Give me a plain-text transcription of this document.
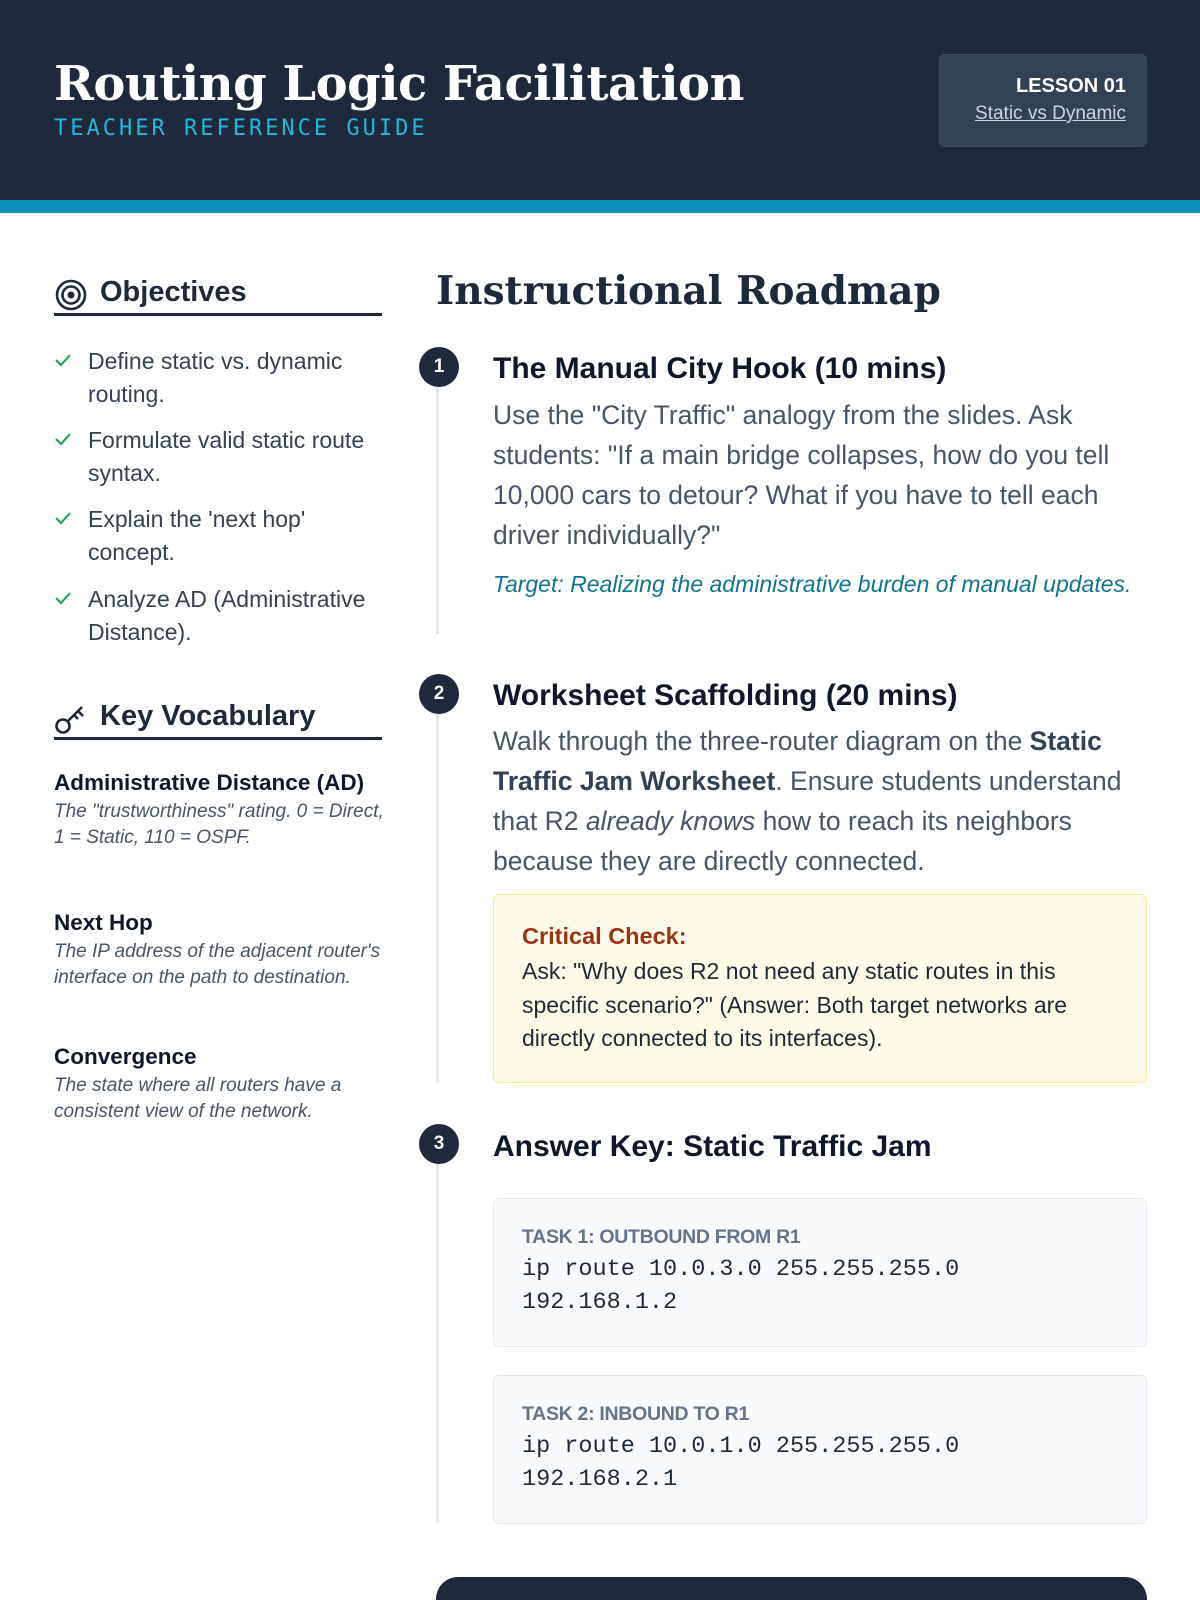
Routing Logic Facilitation
TEACHER REFERENCE GUIDE
LESSON 01
Static vs Dynamic
Objectives
Define static vs. dynamic routing.
Formulate valid static route syntax.
Explain the 'next hop' concept.
Analyze AD (Administrative Distance).
Key Vocabulary
Administrative Distance (AD)
The "trustworthiness" rating. 0 = Direct, 1 = Static, 110 = OSPF.
Next Hop
The IP address of the adjacent router's interface on the path to destination.
Convergence
The state where all routers have a consistent view of the network.
Instructional Roadmap
1	The Manual City Hook (10 mins)
Use the "City Traffic" analogy from the slides. Ask students: "If a main bridge collapses, how do you tell 10,000 cars to detour? What if you have to tell each driver individually?"
Target: Realizing the administrative burden of manual updates.
2	Worksheet Scaffolding (20 mins)
Walk through the three-router diagram on the Static Traffic Jam Worksheet. Ensure students understand that R2 already knows how to reach its neighbors because they are directly connected.
Critical Check:
Ask: "Why does R2 not need any static routes in this specific scenario?" (Answer: Both target networks are directly connected to its interfaces).
3	Answer Key: Static Traffic Jam
TASK 1: OUTBOUND FROM R1
ip route 10.0.3.0 255.255.255.0 192.168.1.2
TASK 2: INBOUND TO R1
ip route 10.0.1.0 255.255.255.0 192.168.2.1
